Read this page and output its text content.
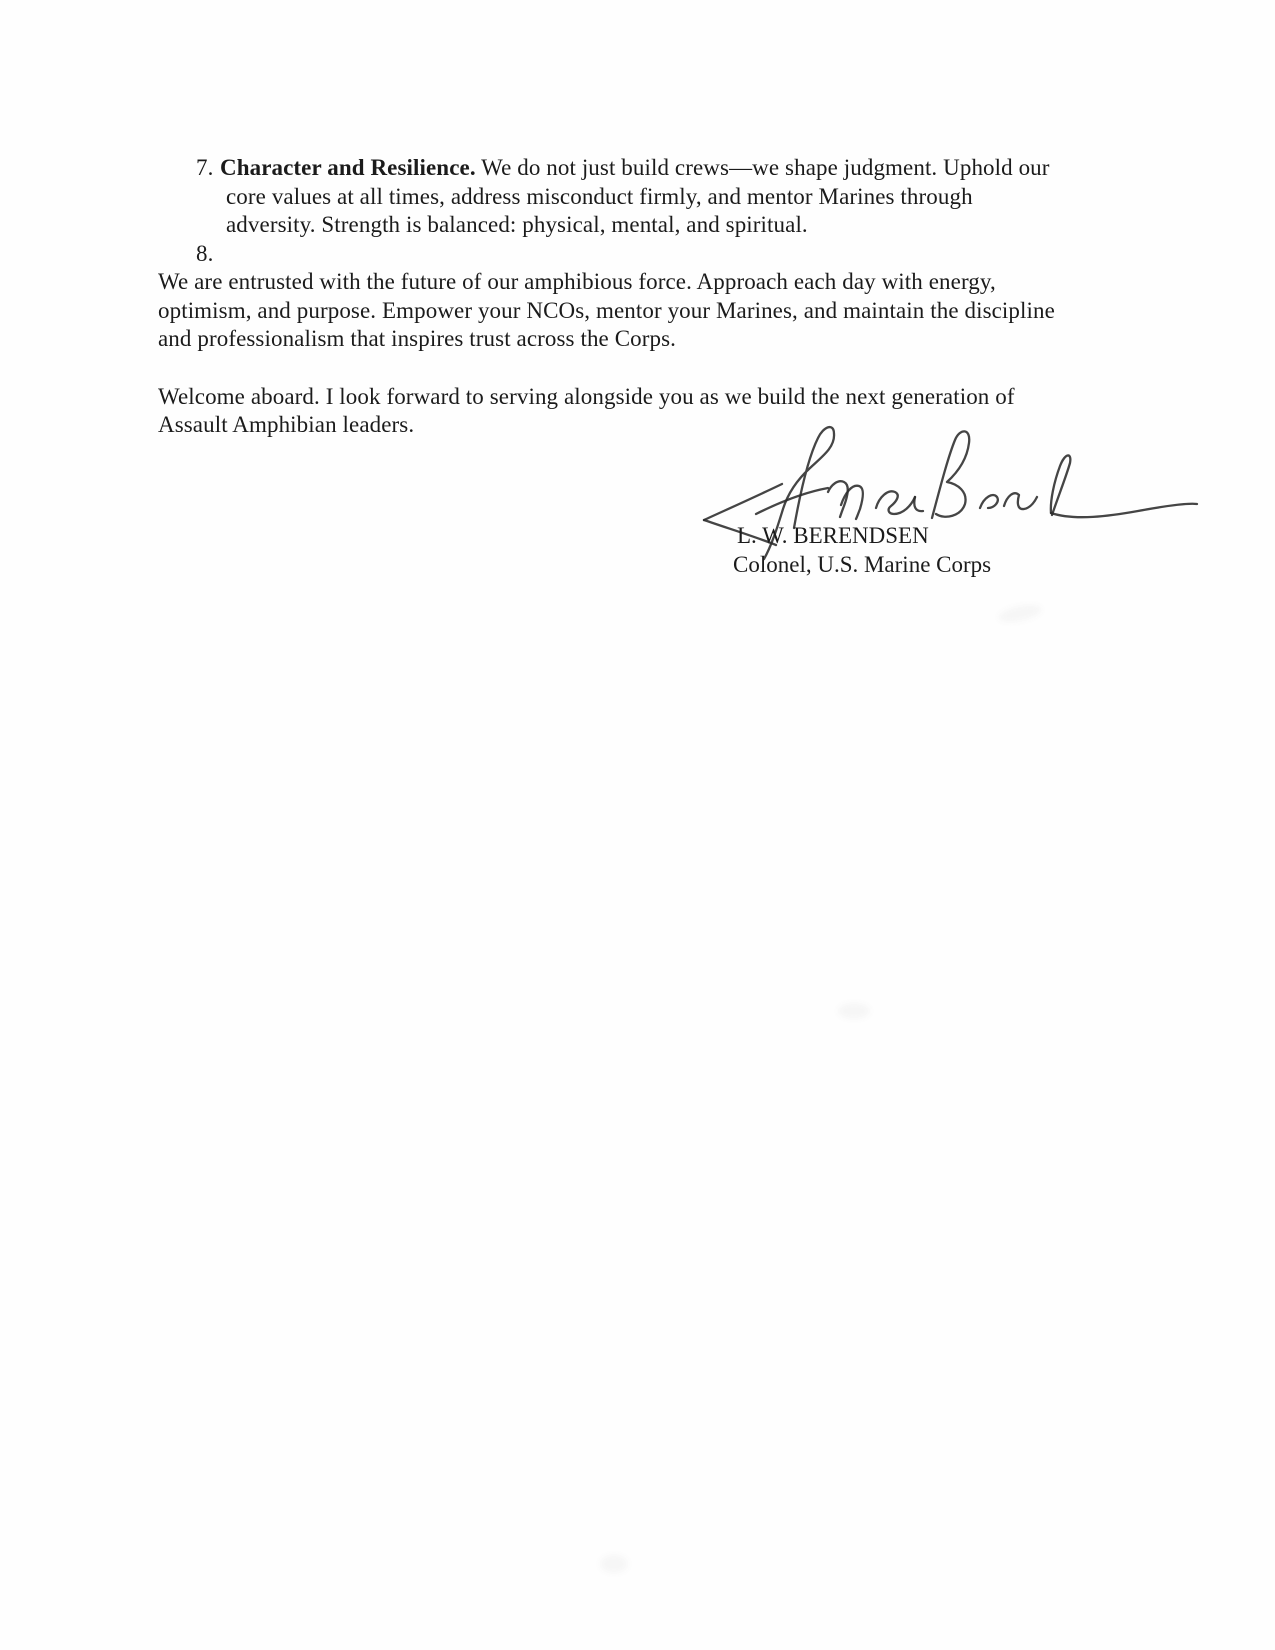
7. Character and Resilience. We do not just build crews—we shape judgment. Uphold our
core values at all times, address misconduct firmly, and mentor Marines through
adversity. Strength is balanced: physical, mental, and spiritual.
8.
We are entrusted with the future of our amphibious force. Approach each day with energy,
optimism, and purpose. Empower your NCOs, mentor your Marines, and maintain the discipline
and professionalism that inspires trust across the Corps.
Welcome aboard. I look forward to serving alongside you as we build the next generation of
Assault Amphibian leaders.
L. W. BERENDSEN
Colonel, U.S. Marine Corps
